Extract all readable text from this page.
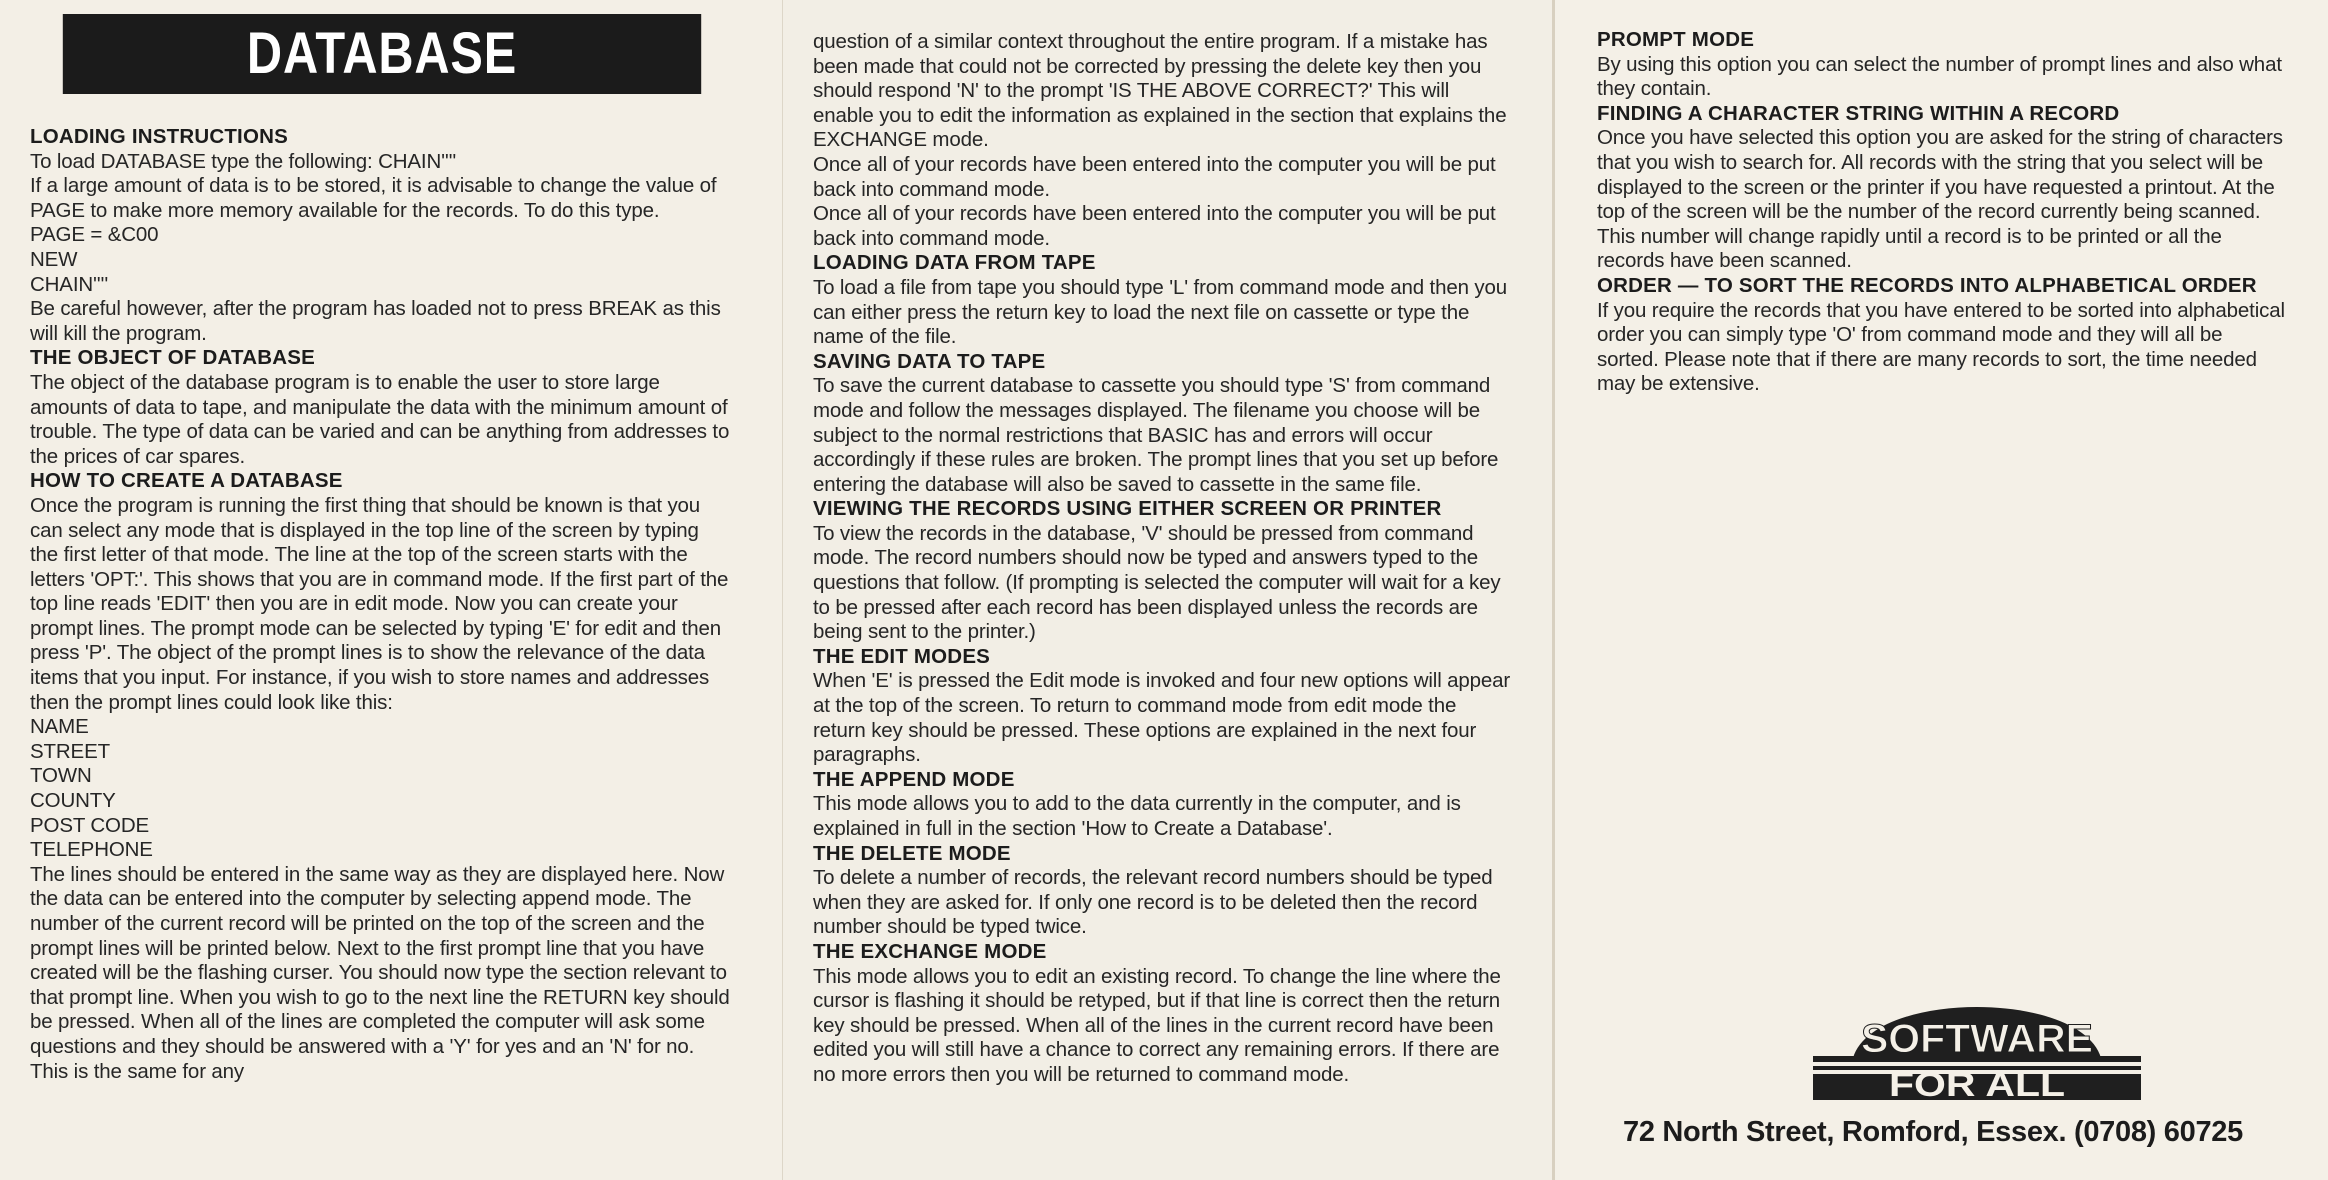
DATABASE
LOADING INSTRUCTIONS

To load DATABASE type the following: CHAIN''''

If a large amount of data is to be stored, it is advisable to change the value of PAGE to make more memory available for the records. To do this type.

PAGE = &C00

NEW

CHAIN''''

Be careful however, after the program has loaded not to press BREAK as this will kill the program.

THE OBJECT OF DATABASE

The object of the database program is to enable the user to store large amounts of data to tape, and manipulate the data with the minimum amount of trouble. The type of data can be varied and can be anything from addresses to the prices of car spares.

HOW TO CREATE A DATABASE

Once the program is running the first thing that should be known is that you can select any mode that is displayed in the top line of the screen by typing the first letter of that mode. The line at the top of the screen starts with the letters 'OPT:'. This shows that you are in command mode. If the first part of the top line reads 'EDIT' then you are in edit mode. Now you can create your prompt lines. The prompt mode can be selected by typing 'E' for edit and then press 'P'. The object of the prompt lines is to show the relevance of the data items that you input. For instance, if you wish to store names and addresses then the prompt lines could look like this:

NAME

STREET

TOWN

COUNTY

POST CODE

TELEPHONE

The lines should be entered in the same way as they are displayed here. Now the data can be entered into the computer by selecting append mode. The number of the current record will be printed on the top of the screen and the prompt lines will be printed below. Next to the first prompt line that you have created will be the flashing curser. You should now type the section relevant to that prompt line. When you wish to go to the next line the RETURN key should be pressed. When all of the lines are completed the computer will ask some questions and they should be answered with a 'Y' for yes and an 'N' for no. This is the same for any

question of a similar context throughout the entire program. If a mistake has been made that could not be corrected by pressing the delete key then you should respond 'N' to the prompt 'IS THE ABOVE CORRECT?' This will enable you to edit the information as explained in the section that explains the EXCHANGE mode.

Once all of your records have been entered into the computer you will be put back into command mode.

Once all of your records have been entered into the computer you will be put back into command mode.

LOADING DATA FROM TAPE

To load a file from tape you should type 'L' from command mode and then you can either press the return key to load the next file on cassette or type the name of the file.

SAVING DATA TO TAPE

To save the current database to cassette you should type 'S' from command mode and follow the messages displayed. The filename you choose will be subject to the normal restrictions that BASIC has and errors will occur accordingly if these rules are broken. The prompt lines that you set up before entering the database will also be saved to cassette in the same file.

VIEWING THE RECORDS USING EITHER SCREEN OR PRINTER

To view the records in the database, 'V' should be pressed from command mode. The record numbers should now be typed and answers typed to the questions that follow. (If prompting is selected the computer will wait for a key to be pressed after each record has been displayed unless the records are being sent to the printer.)

THE EDIT MODES

When 'E' is pressed the Edit mode is invoked and four new options will appear at the top of the screen. To return to command mode from edit mode the return key should be pressed. These options are explained in the next four paragraphs.

THE APPEND MODE

This mode allows you to add to the data currently in the computer, and is explained in full in the section 'How to Create a Database'.

THE DELETE MODE

To delete a number of records, the relevant record numbers should be typed when they are asked for. If only one record is to be deleted then the record number should be typed twice.

THE EXCHANGE MODE

This mode allows you to edit an existing record. To change the line where the cursor is flashing it should be retyped, but if that line is correct then the return key should be pressed. When all of the lines in the current record have been edited you will still have a chance to correct any remaining errors. If there are no more errors then you will be returned to command mode.

PROMPT MODE

By using this option you can select the number of prompt lines and also what they contain.

FINDING A CHARACTER STRING WITHIN A RECORD

Once you have selected this option you are asked for the string of characters that you wish to search for. All records with the string that you select will be displayed to the screen or the printer if you have requested a printout. At the top of the screen will be the number of the record currently being scanned. This number will change rapidly until a record is to be printed or all the records have been scanned.

ORDER — TO SORT THE RECORDS INTO ALPHABETICAL ORDER

If you require the records that you have entered to be sorted into alphabetical order you can simply type 'O' from command mode and they will all be sorted. Please note that if there are many records to sort, the time needed may be extensive.

SOFTWARE
FOR ALL
72 North Street, Romford, Essex. (0708) 60725
